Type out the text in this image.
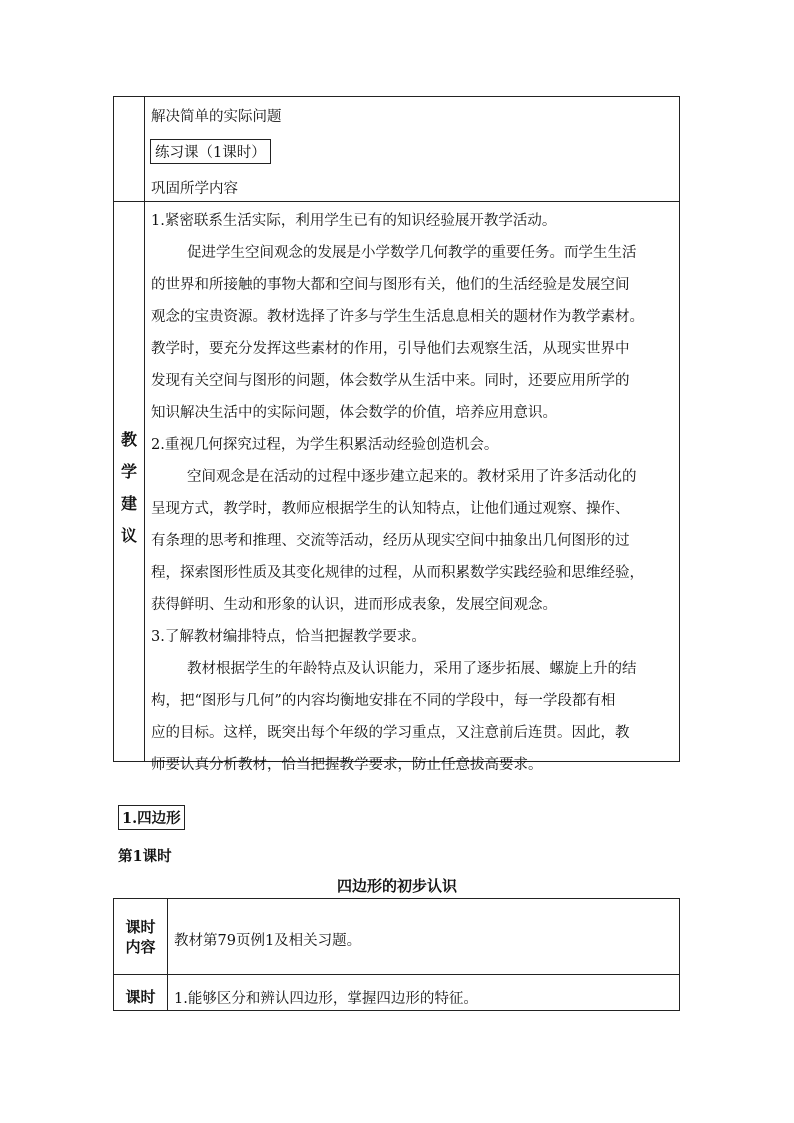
解决简单的实际问题
练习课（1课时）
巩固所学内容
教
学
建
议
1.紧密联系生活实际，利用学生已有的知识经验展开教学活动。
促进学生空间观念的发展是小学数学几何教学的重要任务。而学生生活
的世界和所接触的事物大都和空间与图形有关，他们的生活经验是发展空间
观念的宝贵资源。教材选择了许多与学生生活息息相关的题材作为教学素材。
教学时，要充分发挥这些素材的作用，引导他们去观察生活，从现实世界中
发现有关空间与图形的问题，体会数学从生活中来。同时，还要应用所学的
知识解决生活中的实际问题，体会数学的价值，培养应用意识。
2.重视几何探究过程，为学生积累活动经验创造机会。
空间观念是在活动的过程中逐步建立起来的。教材采用了许多活动化的
呈现方式，教学时，教师应根据学生的认知特点，让他们通过观察、操作、
有条理的思考和推理、交流等活动，经历从现实空间中抽象出几何图形的过
程，探索图形性质及其变化规律的过程，从而积累数学实践经验和思维经验，
获得鲜明、生动和形象的认识，进而形成表象，发展空间观念。
3.了解教材编排特点，恰当把握教学要求。
教材根据学生的年龄特点及认识能力，采用了逐步拓展、螺旋上升的结
构，把“图形与几何”的内容均衡地安排在不同的学段中，每一学段都有相
应的目标。这样，既突出每个年级的学习重点，又注意前后连贯。因此，教
师要认真分析教材，恰当把握教学要求，防止任意拔高要求。
1.四边形
第1课时
四边形的初步认识
课时
内容	教材第79页例1及相关习题。
课时	1.能够区分和辨认四边形，掌握四边形的特征。
